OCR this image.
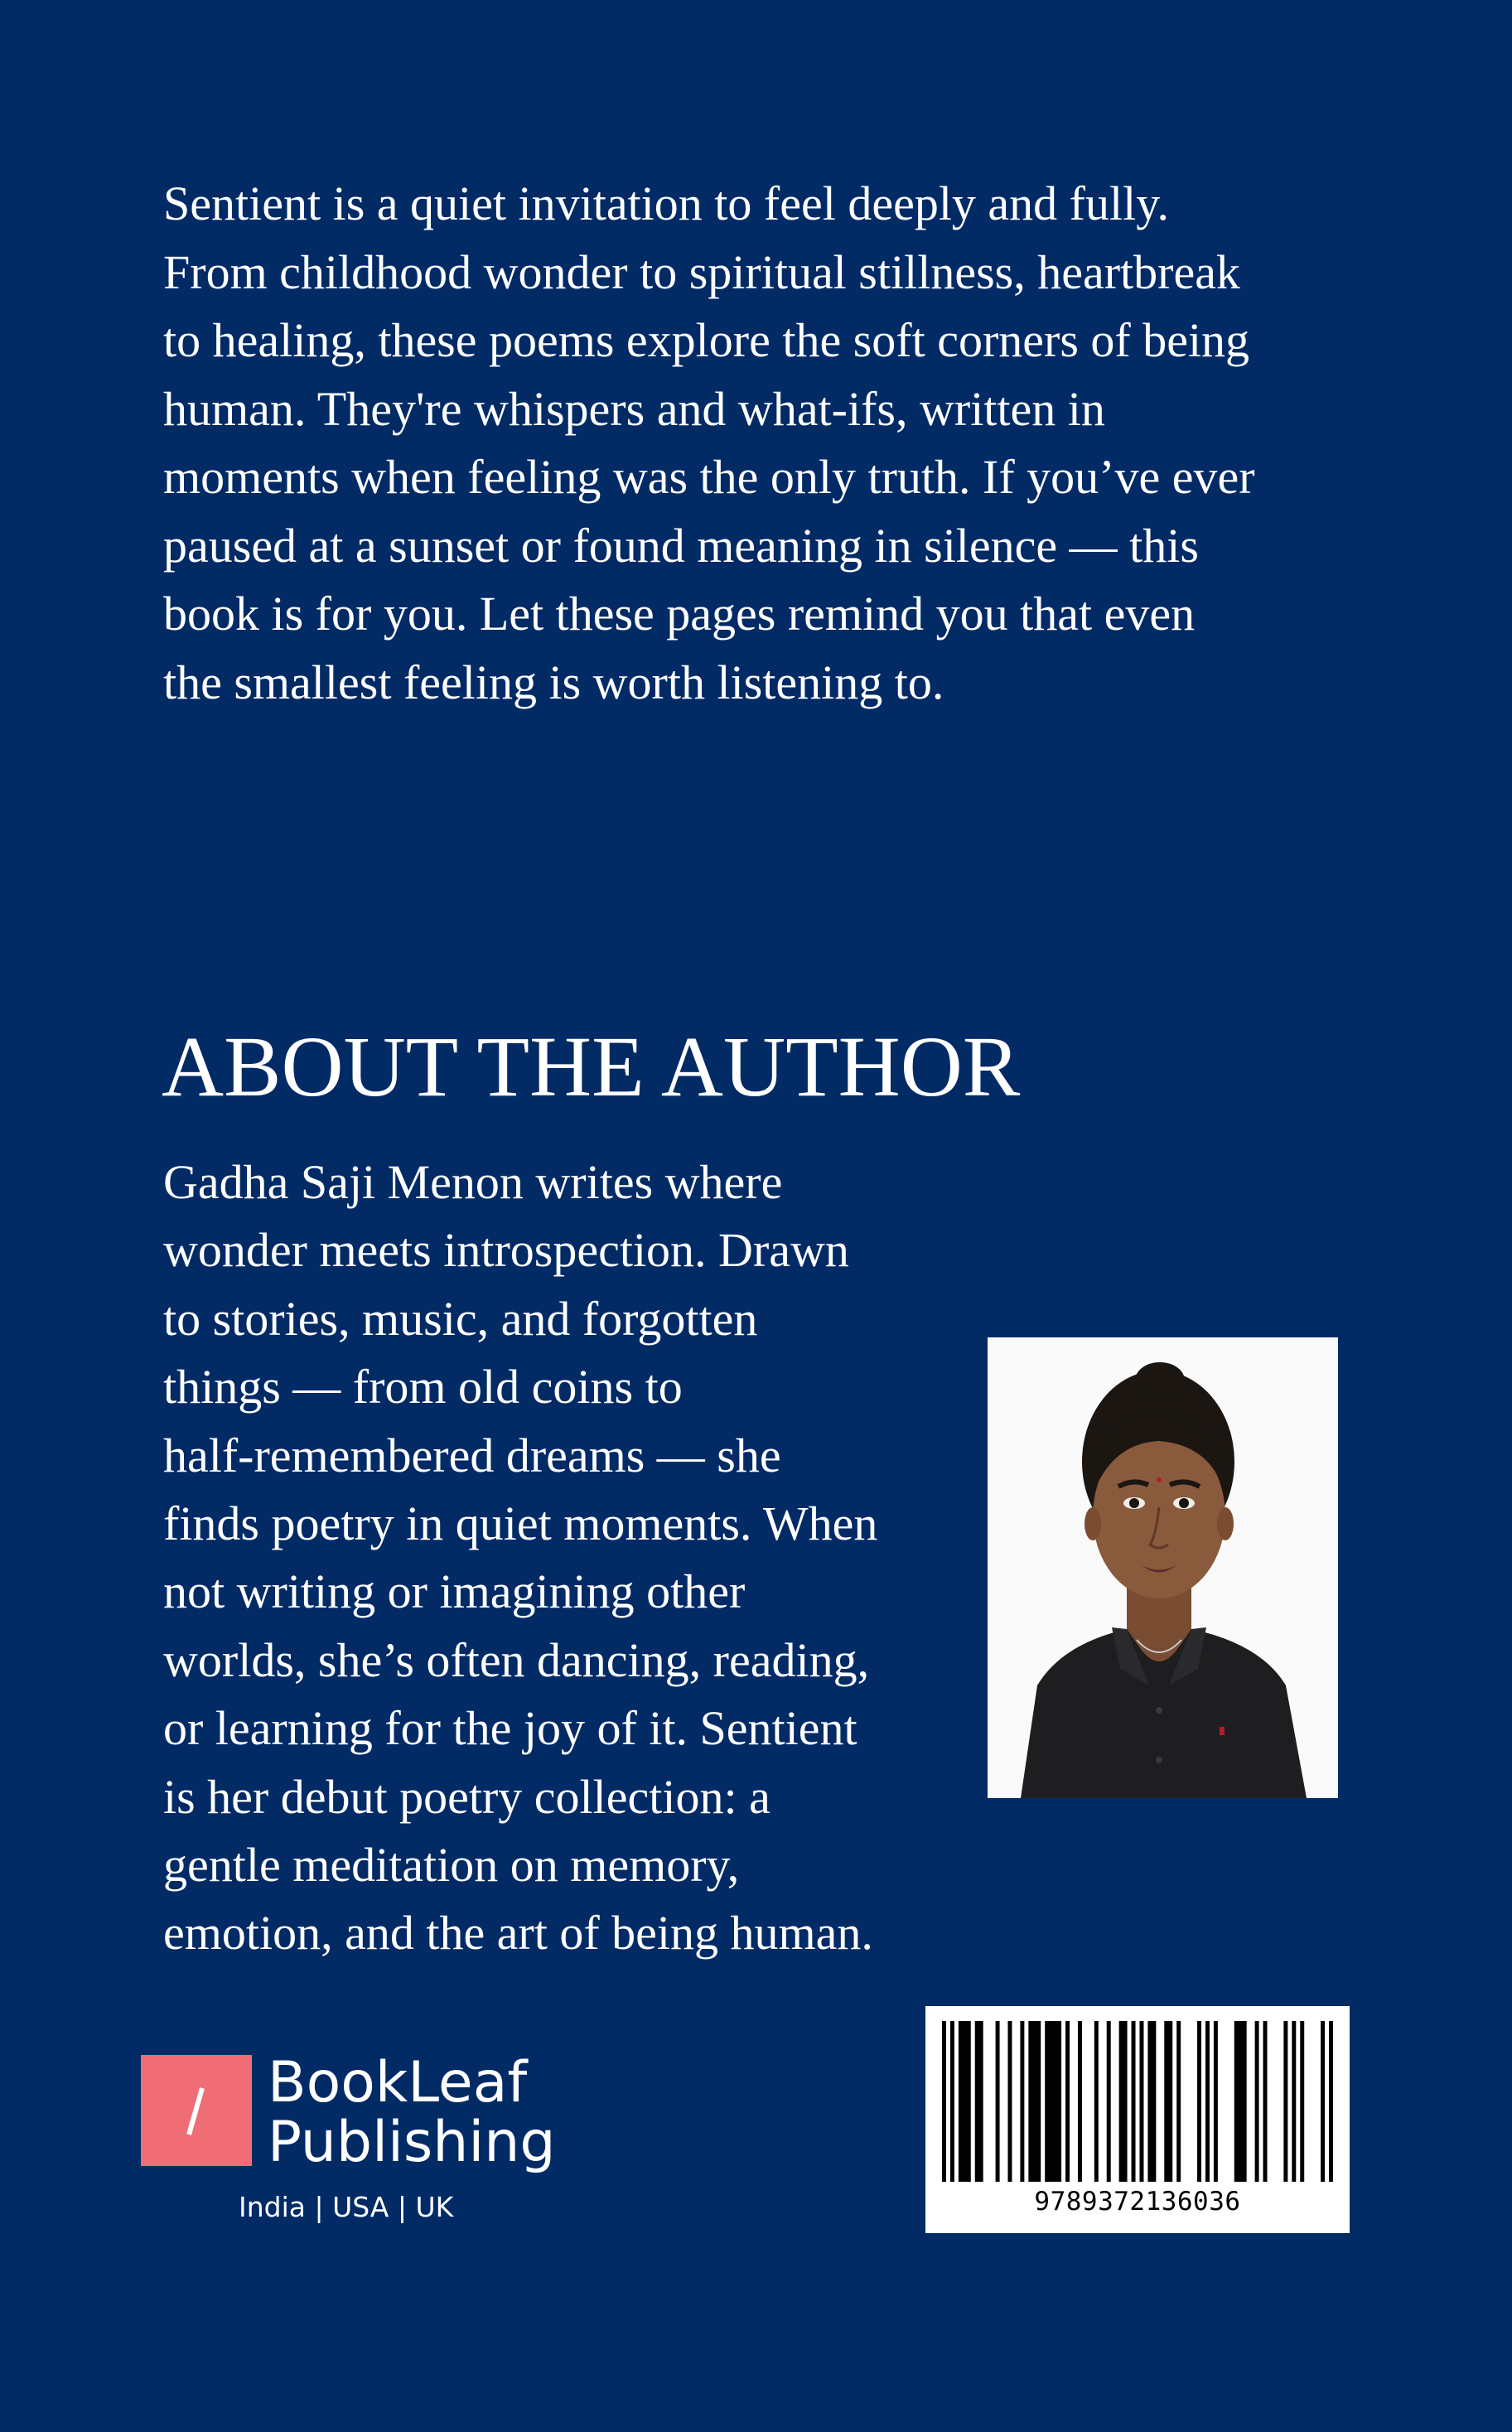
Sentient is a quiet invitation to feel deeply and fully.
From childhood wonder to spiritual stillness, heartbreak
to healing, these poems explore the soft corners of being
human. They're whispers and what-ifs, written in
moments when feeling was the only truth. If you’ve ever
paused at a sunset or found meaning in silence — this
book is for you. Let these pages remind you that even
the smallest feeling is worth listening to.
ABOUT THE AUTHOR
Gadha Saji Menon writes where
wonder meets introspection. Drawn
to stories, music, and forgotten
things — from old coins to
half-remembered dreams — she
finds poetry in quiet moments. When
not writing or imagining other
worlds, she’s often dancing, reading,
or learning for the joy of it. Sentient
is her debut poetry collection: a
gentle meditation on memory,
emotion, and the art of being human.
BookLeaf
Publishing
India | USA | UK	9789372136036
